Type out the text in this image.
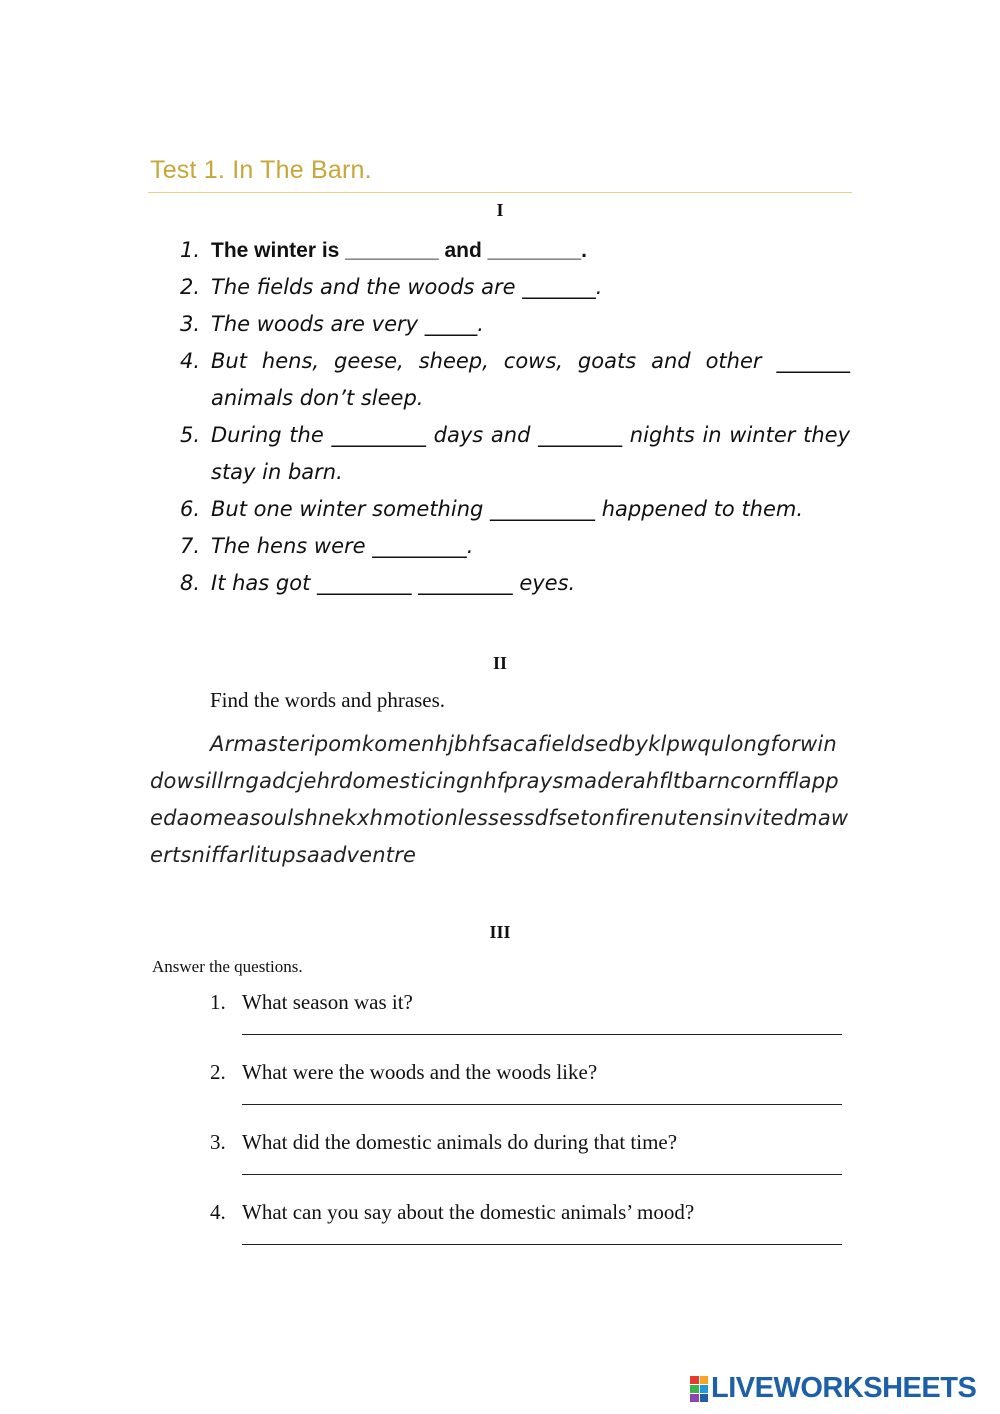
Test 1. In The Barn.
I
1. The winter is ________ and ________.
2. The fields and the woods are _______.
3. The woods are very _____.
4. But hens, geese, sheep, cows, goats and other _______ animals don’t sleep.
5. During the _________ days and ________ nights in winter they stay in barn.
6. But one winter something __________ happened to them.
7. The hens were _________.
8. It has got _________ _________ eyes.
II
Find the words and phrases.
Armasteripomkomenhjbhfsacafieldsedbyklpwqulongforwindowsillrngadcjehrdomesticingnhfpraysmaderahfltbarncornfflappedaomeasoulshnekxhmotionlessessdfsetonfirenutensinvitedmawertsniffarlitupsaadventre
III
Answer the questions.
1. What season was it?
2. What were the woods and the woods like?
3. What did the domestic animals do during that time?
4. What can you say about the domestic animals’ mood?
LIVEWORKSHEETS
